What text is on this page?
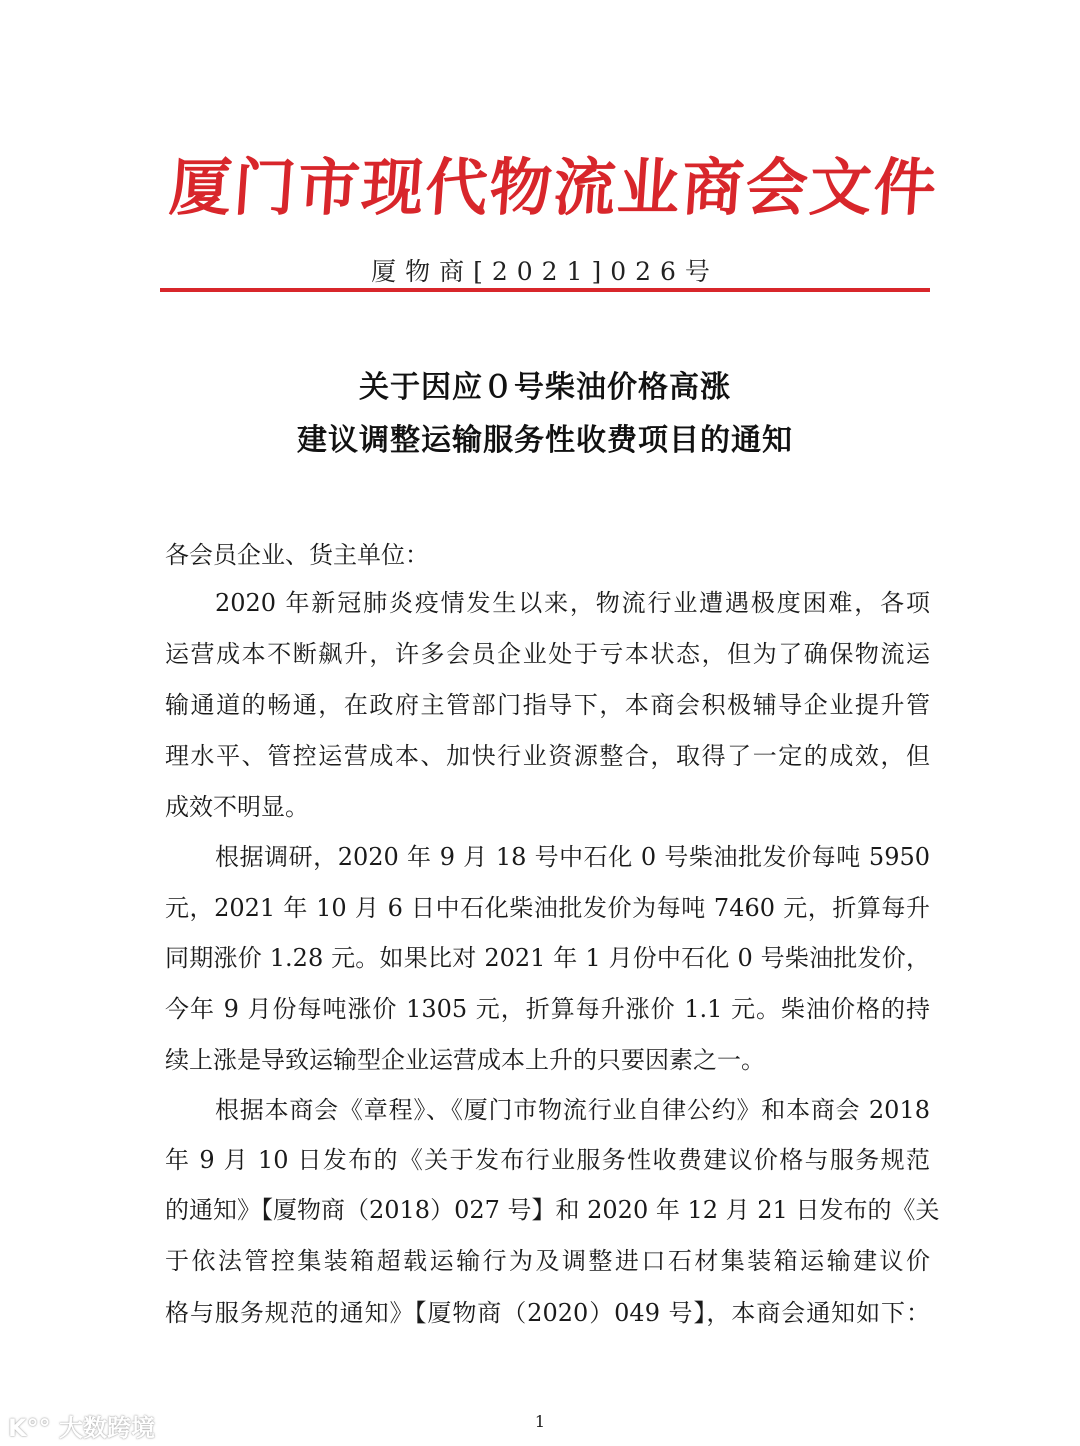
厦门市现代物流业商会文件
厦物商[2021]026号
关于因应０号柴油价格高涨
建议调整运输服务性收费项目的通知
各会员企业、货主单位：
2020 年新冠肺炎疫情发生以来，物流行业遭遇极度困难，各项
运营成本不断飙升，许多会员企业处于亏本状态，但为了确保物流运
输通道的畅通，在政府主管部门指导下，本商会积极辅导企业提升管
理水平、管控运营成本、加快行业资源整合，取得了一定的成效，但
成效不明显。
根据调研，2020 年 9 月 18 号中石化 0 号柴油批发价每吨 5950
元，2021 年 10 月 6 日中石化柴油批发价为每吨 7460 元，折算每升
同期涨价 1.28 元。如果比对 2021 年 1 月份中石化 0 号柴油批发价，
今年 9 月份每吨涨价 1305 元，折算每升涨价 1.1 元。柴油价格的持
续上涨是导致运输型企业运营成本上升的只要因素之一。
根据本商会《章程》、《厦门市物流行业自律公约》和本商会 2018
年 9 月 10 日发布的《关于发布行业服务性收费建议价格与服务规范
的通知》【厦物商（2018）027 号】和 2020 年 12 月 21 日发布的《关
于依法管控集装箱超载运输行为及调整进口石材集装箱运输建议价
格与服务规范的通知》【厦物商（2020）049 号】，本商会通知如下：
1
K°° 大数跨境
